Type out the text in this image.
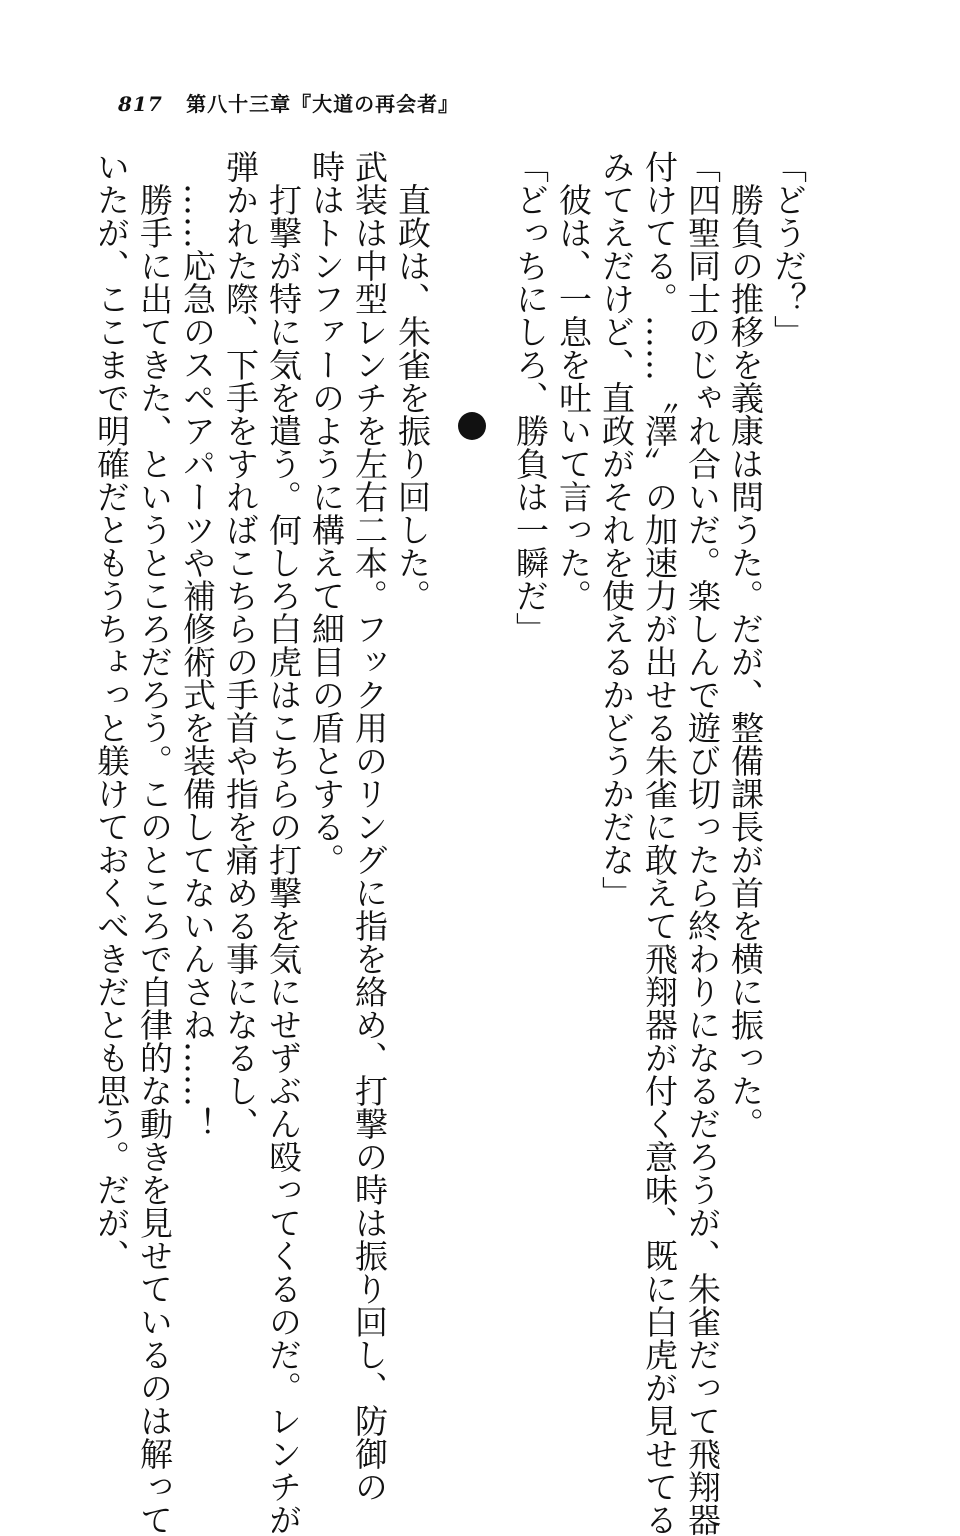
817 第八十三章『大道の再会者』
「どうだ？」
勝負の推移を義康は問うた。だが、整備課長が首を横に振った。
「四聖同士のじゃれ合いだ。楽しんで遊び切ったら終わりになるだろうが、朱雀だって飛翔器
付けてる。……〝澤〟の加速力が出せる朱雀に敢えて飛翔器が付く意味、既に白虎が見せてる
みてえだけど、直政がそれを使えるかどうかだな」
彼は、一息を吐いて言った。
「どっちにしろ、勝負は一瞬だ」
直政は、朱雀を振り回した。
武装は中型レンチを左右二本。フック用のリングに指を絡め、打撃の時は振り回し、防御の
時はトンファーのように構えて細目の盾とする。
打撃が特に気を遣う。何しろ白虎はこちらの打撃を気にせずぶん殴ってくるのだ。レンチが
弾かれた際、下手をすればこちらの手首や指を痛める事になるし、
……応急のスペアパーツや補修術式を装備してないんさね……！
勝手に出てきた、というところだろう。このところで自律的な動きを見せているのは解って
いたが、ここまで明確だともうちょっと躾けておくべきだとも思う。だが、
